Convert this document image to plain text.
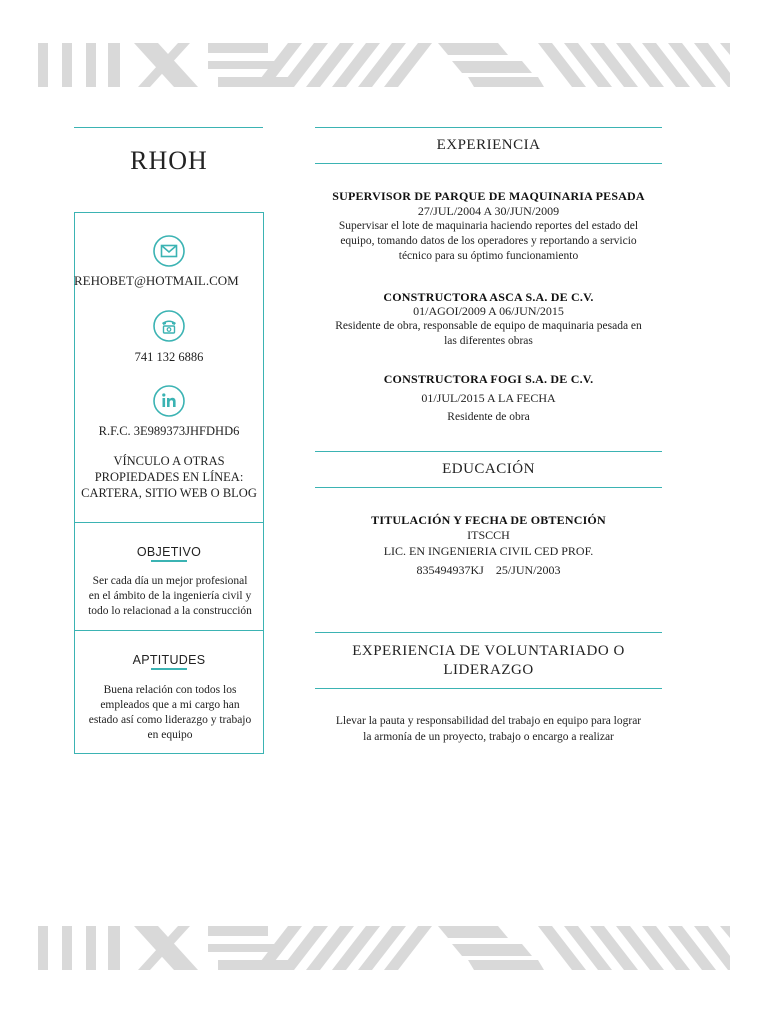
RHOH
REHOBET@HOTMAIL.COM
741 132 6886
R.F.C. 3E989373JHFDHD6
VÍNCULO A OTRAS
PROPIEDADES EN LÍNEA:
CARTERA, SITIO WEB O BLOG
OBJETIVO
Ser cada día un mejor profesional
en el ámbito de la ingeniería civil y
todo lo relacionad a la construcción
APTITUDES
Buena relación con todos los
empleados que a mi cargo han
estado así como liderazgo y trabajo
en equipo
EXPERIENCIA
SUPERVISOR DE PARQUE DE MAQUINARIA PESADA
27/JUL/2004 A 30/JUN/2009
Supervisar el lote de maquinaria haciendo reportes del estado del
equipo, tomando datos de los operadores y reportando a servicio
técnico para su óptimo funcionamiento
CONSTRUCTORA ASCA S.A. DE C.V.
01/AGOI/2009 A 06/JUN/2015
Residente de obra, responsable de equipo de maquinaria pesada en
las diferentes obras
CONSTRUCTORA FOGI S.A. DE C.V.
01/JUL/2015 A LA FECHA
Residente de obra
EDUCACIÓN
TITULACIÓN Y FECHA DE OBTENCIÓN
ITSCCH
LIC. EN INGENIERIA CIVIL CED PROF.
835494937KJ    25/JUN/2003
EXPERIENCIA DE VOLUNTARIADO O
LIDERAZGO
Llevar la pauta y responsabilidad del trabajo en equipo para lograr
la armonía de un proyecto, trabajo o encargo a realizar
